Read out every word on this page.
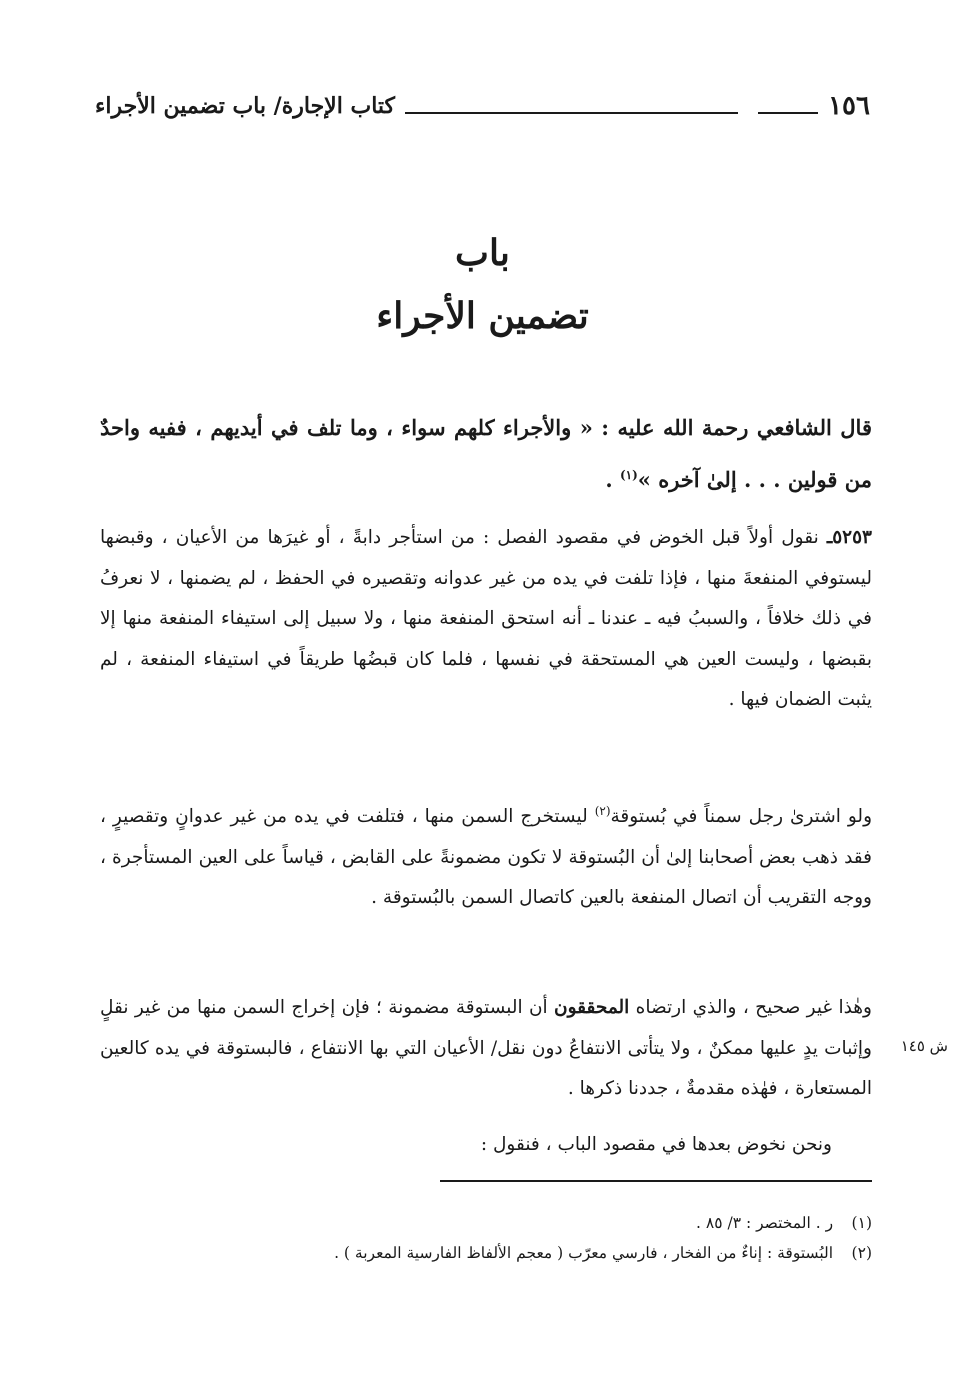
١٥٦
كتاب الإجارة/ باب تضمين الأجراء
باب
تضمين الأجراء
قال الشافعي رحمة الله عليه : « والأجراء كلهم سواء ، وما تلف في أيديهم ، ففيه واحدٌ من قولين . . . إلىٰ آخره »$^{(١)}$ .
٥٢٥٣ـ نقول أولاً قبل الخوض في مقصود الفصل : من استأجر دابةً ، أو غيرَها من الأعيان ، وقبضها ليستوفي المنفعةَ منها ، فإذا تلفت في يده من غير عدوانه وتقصيره في الحفظ ، لم يضمنها ، لا نعرفُ في ذلك خلافاً ، والسببُ فيه ـ عندنا ـ أنه استحق المنفعة منها ، ولا سبيل إلى استيفاء المنفعة منها إلا بقبضها ، وليست العين هي المستحقة في نفسها ، فلما كان قبضُها طريقاً في استيفاء المنفعة ، لم يثبت الضمان فيها .
ولو اشترىٰ رجل سمناً في بُستوقة$^{(٢)}$ ليستخرج السمن منها ، فتلفت في يده من غير عدوانٍ وتقصيرٍ ، فقد ذهب بعض أصحابنا إلىٰ أن البُستوقة لا تكون مضمونةً على القابض ، قياساً على العين المستأجرة ، ووجه التقريب أن اتصال المنفعة بالعين كاتصال السمن بالبُستوقة .
وهٰذا غير صحيح ، والذي ارتضاه المحققون أن البستوقة مضمونة ؛ فإن إخراج السمن منها من غير نقلٍ وإثبات يدٍ عليها ممكنٌ ، ولا يتأتى الانتفاعُ دون نقل/ الأعيان التي بها الانتفاع ، فالبستوقة في يده كالعين المستعارة ، فهٰذه مقدمةٌ ، جددنا ذكرها .
ش ١٤٥
ونحن نخوض بعدها في مقصود الباب ، فنقول :
(١) ر . المختصر : ٣/ ٨٥ .
(٢) البُستوقة : إناءٌ من الفخار ، فارسي معرّب ( معجم الألفاظ الفارسية المعربة ) .
